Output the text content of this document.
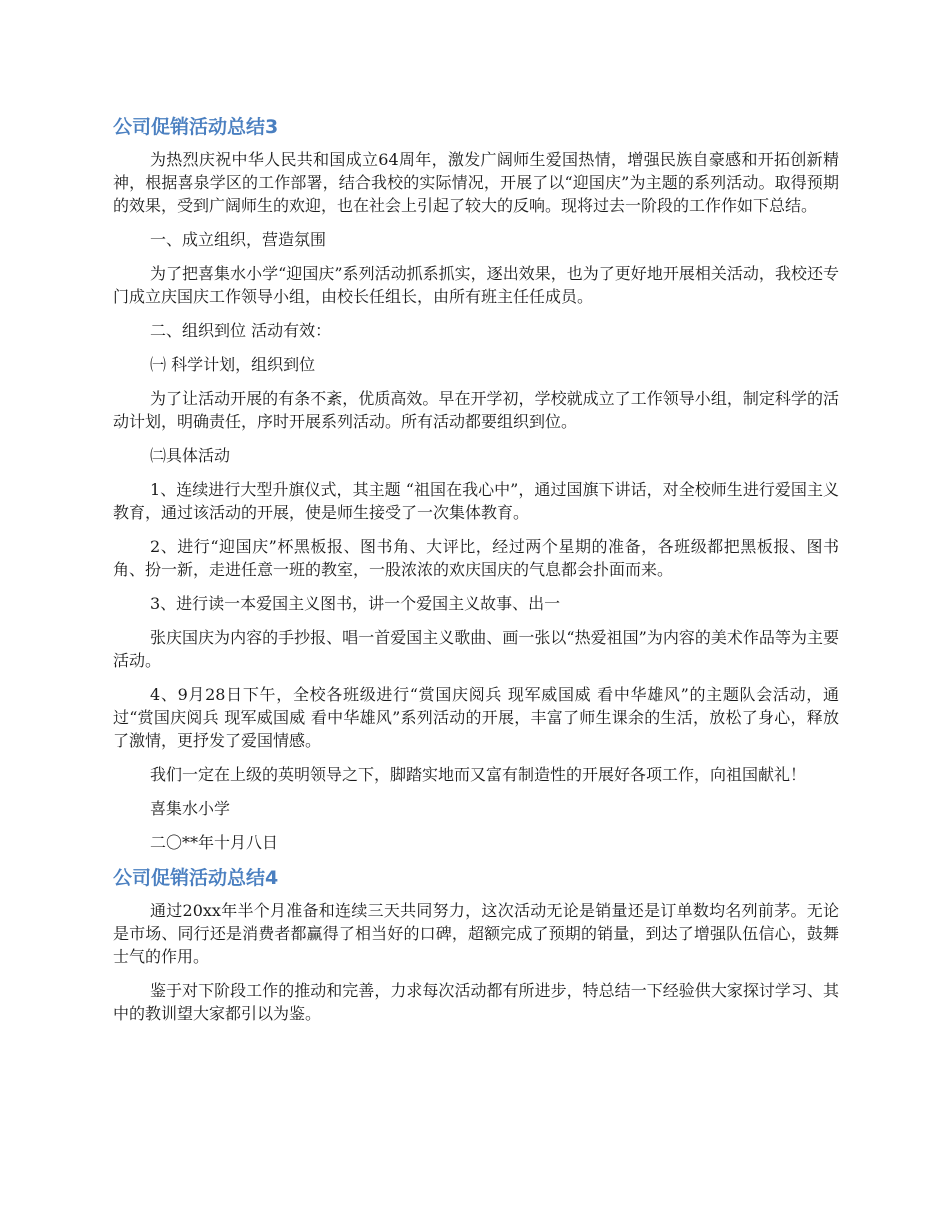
公司促销活动总结3

为热烈庆祝中华人民共和国成立64周年，激发广阔师生爱国热情，增强民族自豪感和开拓创新精神，根据喜泉学区的工作部署，结合我校的实际情况，开展了以“迎国庆”为主题的系列活动。取得预期的效果，受到广阔师生的欢迎，也在社会上引起了较大的反响。现将过去一阶段的工作作如下总结。

一、成立组织，营造氛围

为了把喜集水小学“迎国庆”系列活动抓系抓实，逐出效果，也为了更好地开展相关活动，我校还专门成立庆国庆工作领导小组，由校长任组长，由所有班主任任成员。

二、组织到位 活动有效：

㈠ 科学计划，组织到位

为了让活动开展的有条不紊，优质高效。早在开学初，学校就成立了工作领导小组，制定科学的活动计划，明确责任，序时开展系列活动。所有活动都要组织到位。

㈡具体活动

1、连续进行大型升旗仪式，其主题 “祖国在我心中”，通过国旗下讲话，对全校师生进行爱国主义教育，通过该活动的开展，使是师生接受了一次集体教育。

2、进行“迎国庆”杯黑板报、图书角、大评比，经过两个星期的准备，各班级都把黑板报、图书角、扮一新，走进任意一班的教室，一股浓浓的欢庆国庆的气息都会扑面而来。

3、进行读一本爱国主义图书，讲一个爱国主义故事、出一

张庆国庆为内容的手抄报、唱一首爱国主义歌曲、画一张以“热爱祖国”为内容的美术作品等为主要活动。

4、9月28日下午，全校各班级进行“赏国庆阅兵 现军威国威 看中华雄风”的主题队会活动，通过“赏国庆阅兵 现军威国威 看中华雄风”系列活动的开展，丰富了师生课余的生活，放松了身心，释放了激情，更抒发了爱国情感。

我们一定在上级的英明领导之下，脚踏实地而又富有制造性的开展好各项工作，向祖国献礼！

喜集水小学

二〇**年十月八日

公司促销活动总结4

通过20xx年半个月准备和连续三天共同努力，这次活动无论是销量还是订单数均名列前茅。无论是市场、同行还是消费者都赢得了相当好的口碑，超额完成了预期的销量，到达了增强队伍信心，鼓舞士气的作用。

鉴于对下阶段工作的推动和完善，力求每次活动都有所进步，特总结一下经验供大家探讨学习、其中的教训望大家都引以为鉴。
